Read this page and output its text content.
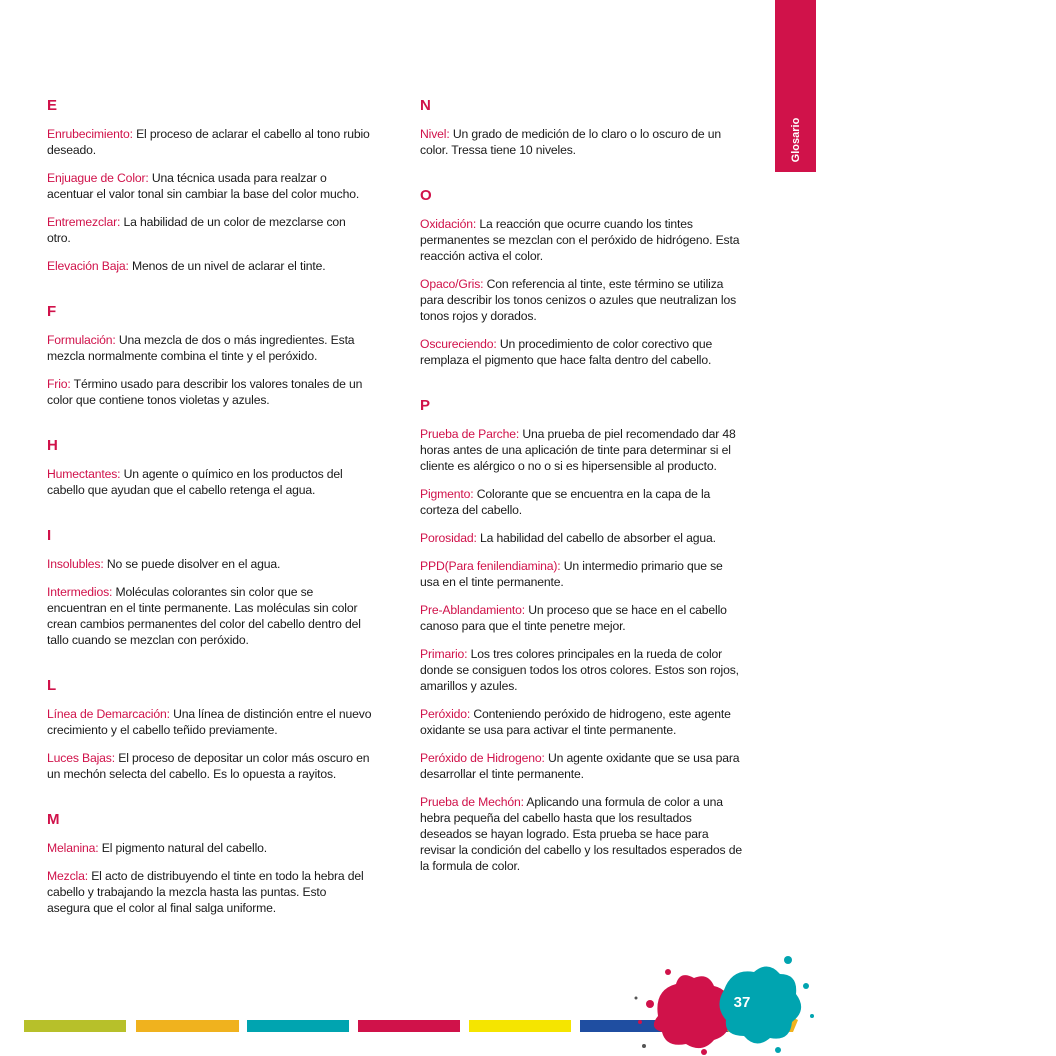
Glosario
E
Enrubecimiento: El proceso de aclarar el cabello al tono rubio deseado.
Enjuague de Color: Una técnica usada para realzar o acentuar el valor tonal sin cambiar la base del color mucho.
Entremezclar: La habilidad de un color de mezclarse con otro.
Elevación Baja: Menos de un nivel de aclarar el tinte.
F
Formulación: Una mezcla de dos o más ingredientes. Esta mezcla normalmente combina el tinte y el peróxido.
Frio: Término usado para describir los valores tonales de un color que contiene tonos violetas y azules.
H
Humectantes: Un agente o químico en los productos del cabello que ayudan que el cabello retenga el agua.
I
Insolubles: No se puede disolver en el agua.
Intermedios: Moléculas colorantes sin color que se encuentran en el tinte permanente. Las moléculas sin color crean cambios permanentes del color del cabello dentro del tallo cuando se mezclan con peróxido.
L
Línea de Demarcación: Una línea de distinción entre el nuevo crecimiento y el cabello teñido previamente.
Luces Bajas: El proceso de depositar un color más oscuro en un mechón selecta del cabello. Es lo opuesta a rayitos.
M
Melanina: El pigmento natural del cabello.
Mezcla: El acto de distribuyendo el tinte en todo la hebra del cabello y trabajando la mezcla hasta las puntas. Esto asegura que el color al final salga uniforme.
N
Nivel: Un grado de medición de lo claro o lo oscuro de un color. Tressa tiene 10 niveles.
O
Oxidación: La reacción que ocurre cuando los tintes permanentes se mezclan con el peróxido de hidrógeno. Esta reacción activa el color.
Opaco/Gris: Con referencia al tinte, este término se utiliza para describir los tonos cenizos o azules que neutralizan los tonos rojos y dorados.
Oscureciendo: Un procedimiento de color corectivo que remplaza el pigmento que hace falta dentro del cabello.
P
Prueba de Parche: Una prueba de piel recomendado dar 48 horas antes de una aplicación de tinte para determinar si el cliente es alérgico o no o si es hipersensible al producto.
Pigmento: Colorante que se encuentra en la capa de la corteza del cabello.
Porosidad: La habilidad del cabello de absorber el agua.
PPD(Para fenilendiamina): Un intermedio primario que se usa en el tinte permanente.
Pre-Ablandamiento: Un proceso que se hace en el cabello canoso para que el tinte penetre mejor.
Primario: Los tres colores principales en la rueda de color donde se consiguen todos los otros colores. Estos son rojos, amarillos y azules.
Peróxido: Conteniendo peróxido de hidrogeno, este agente oxidante se usa para activar el tinte permanente.
Peróxido de Hidrogeno: Un agente oxidante que se usa para desarrollar el tinte permanente.
Prueba de Mechón: Aplicando una formula de color a una hebra pequeña del cabello hasta que los resultados deseados se hayan logrado. Esta prueba se hace para revisar la condición del cabello y los resultados esperados de la formula de color.
37
